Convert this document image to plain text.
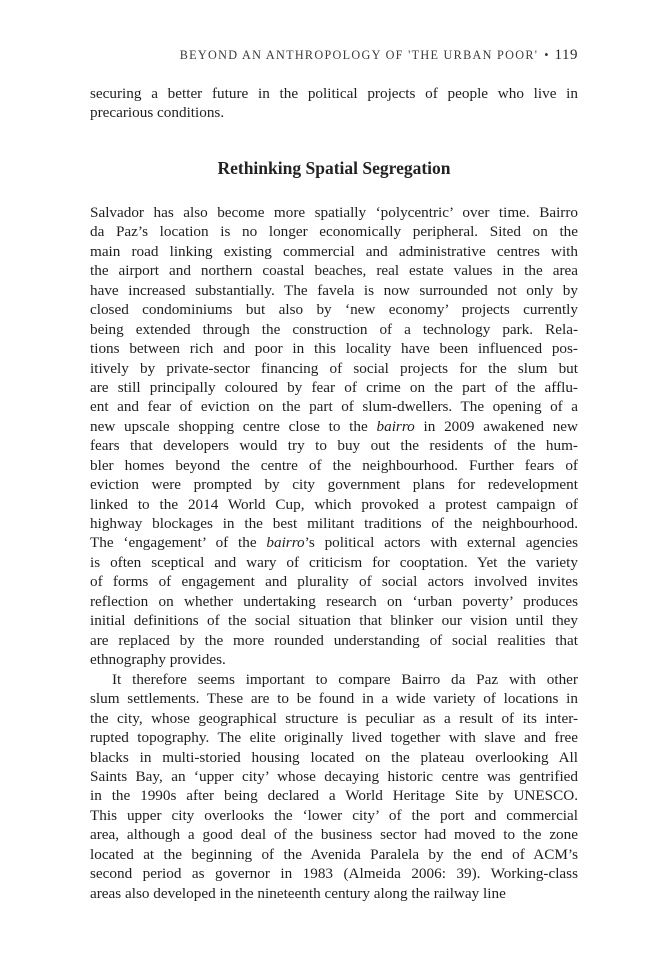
BEYOND AN ANTHROPOLOGY OF 'THE URBAN POOR' • 119
securing a better future in the political projects of people who live in
precarious conditions.
Rethinking Spatial Segregation
Salvador has also become more spatially ‘polycentric’ over time. Bairro
da Paz’s location is no longer economically peripheral. Sited on the
main road linking existing commercial and administrative centres with
the airport and northern coastal beaches, real estate values in the area
have increased substantially. The favela is now surrounded not only by
closed condominiums but also by ‘new economy’ projects currently
being extended through the construction of a technology park. Rela-
tions between rich and poor in this locality have been influenced pos-
itively by private-sector financing of social projects for the slum but
are still principally coloured by fear of crime on the part of the afflu-
ent and fear of eviction on the part of slum-dwellers. The opening of a
new upscale shopping centre close to the bairro in 2009 awakened new
fears that developers would try to buy out the residents of the hum-
bler homes beyond the centre of the neighbourhood. Further fears of
eviction were prompted by city government plans for redevelopment
linked to the 2014 World Cup, which provoked a protest campaign of
highway blockages in the best militant traditions of the neighbourhood.
The ‘engagement’ of the bairro’s political actors with external agencies
is often sceptical and wary of criticism for cooptation. Yet the variety
of forms of engagement and plurality of social actors involved invites
reflection on whether undertaking research on ‘urban poverty’ produces
initial definitions of the social situation that blinker our vision until they
are replaced by the more rounded understanding of social realities that
ethnography provides.
It therefore seems important to compare Bairro da Paz with other
slum settlements. These are to be found in a wide variety of locations in
the city, whose geographical structure is peculiar as a result of its inter-
rupted topography. The elite originally lived together with slave and free
blacks in multi-storied housing located on the plateau overlooking All
Saints Bay, an ‘upper city’ whose decaying historic centre was gentrified
in the 1990s after being declared a World Heritage Site by UNESCO.
This upper city overlooks the ‘lower city’ of the port and commercial
area, although a good deal of the business sector had moved to the zone
located at the beginning of the Avenida Paralela by the end of ACM’s
second period as governor in 1983 (Almeida 2006: 39). Working-class
areas also developed in the nineteenth century along the railway line
